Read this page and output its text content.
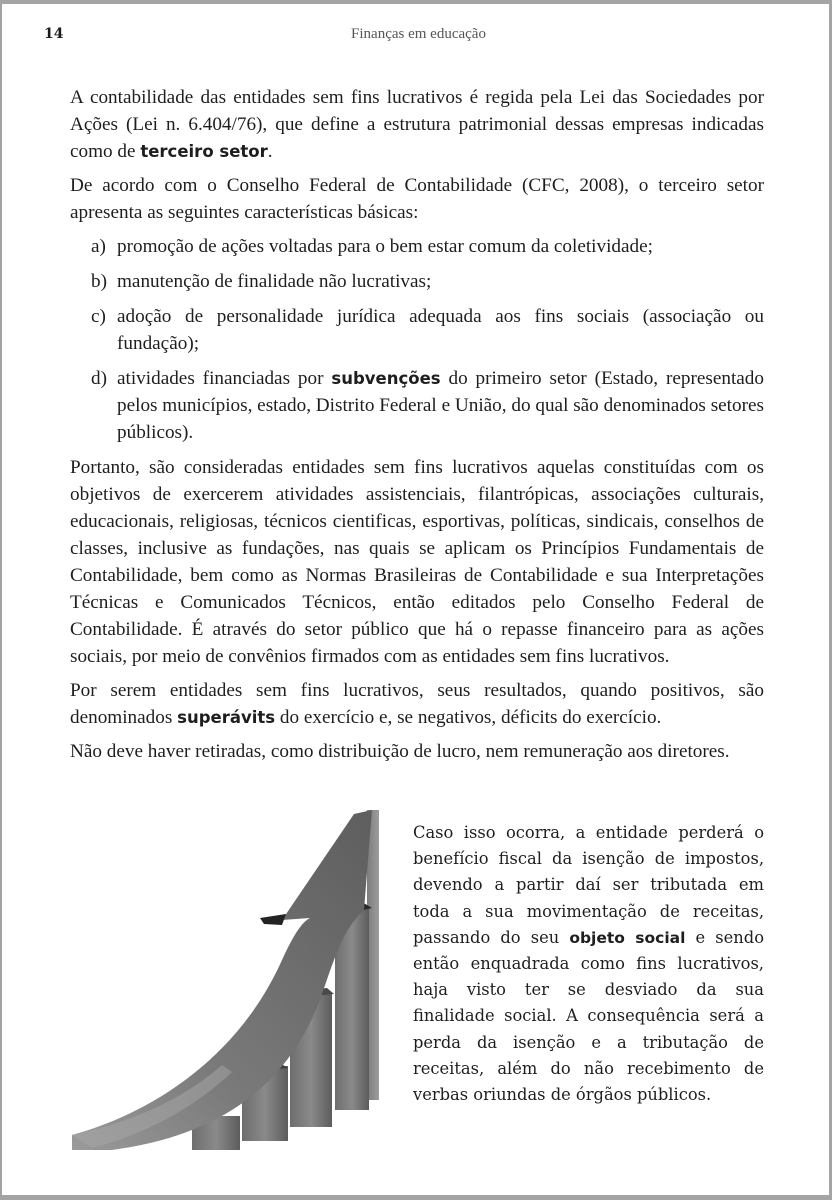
14	Finanças em educação

A contabilidade das entidades sem fins lucrativos é regida pela Lei das Sociedades por Ações (Lei n. 6.404/76), que define a estrutura patrimonial dessas empresas indicadas como de terceiro setor.

De acordo com o Conselho Federal de Contabilidade (CFC, 2008), o terceiro setor apresenta as seguintes características básicas:

a) promoção de ações voltadas para o bem estar comum da coletividade;
b) manutenção de finalidade não lucrativas;
c) adoção de personalidade jurídica adequada aos fins sociais (associação ou fundação);
d) atividades financiadas por subvenções do primeiro setor (Estado, representado pelos municípios, estado, Distrito Federal e União, do qual são denominados setores públicos).

Portanto, são consideradas entidades sem fins lucrativos aquelas constituídas com os objetivos de exercerem atividades assistenciais, filantrópicas, associações culturais, educacionais, religiosas, técnicos cientificas, esportivas, políticas, sindicais, conselhos de classes, inclusive as fundações, nas quais se aplicam os Princípios Fundamentais de Contabilidade, bem como as Normas Brasileiras de Contabilidade e sua Interpretações Técnicas e Comunicados Técnicos, então editados pelo Conselho Federal de Contabilidade. É através do setor público que há o repasse financeiro para as ações sociais, por meio de convênios firmados com as entidades sem fins lucrativos.

Por serem entidades sem fins lucrativos, seus resultados, quando positivos, são denominados superávits do exercício e, se negativos, déficits do exercício.

Não deve haver retiradas, como distribuição de lucro, nem remuneração aos diretores.

Caso isso ocorra, a entidade perderá o benefício fiscal da isenção de impostos, devendo a partir daí ser tributada em toda a sua movimentação de receitas, passando do seu objeto social e sendo então enquadrada como fins lucrativos, haja visto ter se desviado da sua finalidade social. A consequência será a perda da isenção e a tributação de receitas, além do não recebimento de verbas oriundas de órgãos públicos.
